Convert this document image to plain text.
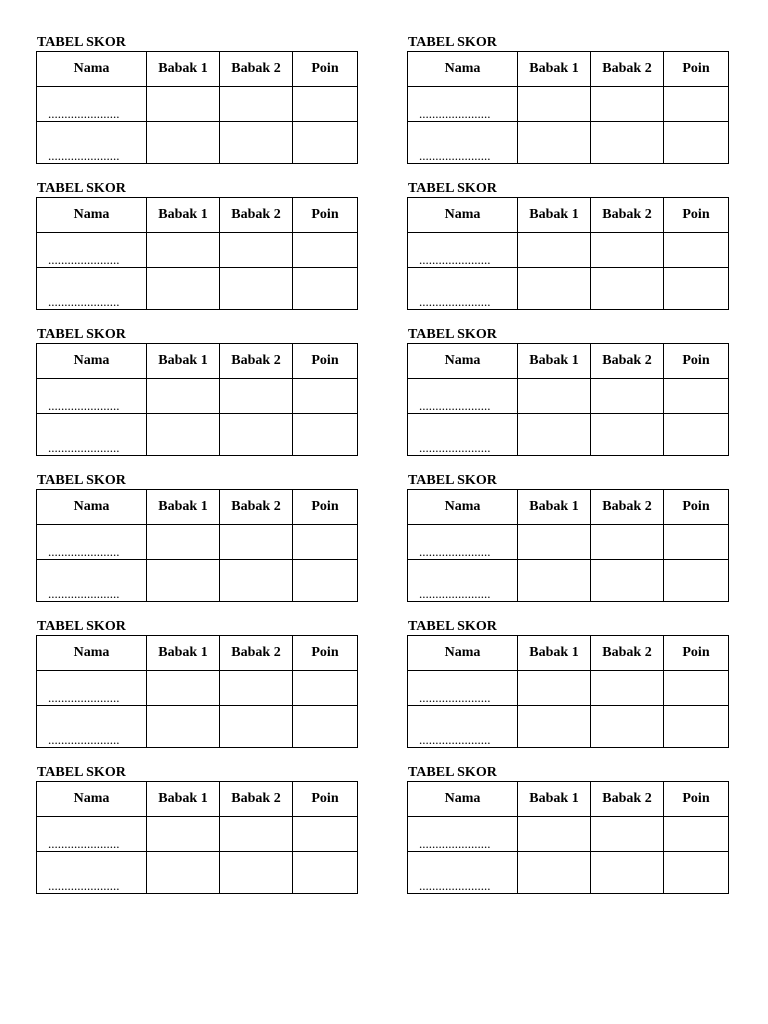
TABEL SKOR
Nama	Babak 1	Babak 2	Poin

......................			

......................			

TABEL SKOR
Nama	Babak 1	Babak 2	Poin

......................			

......................			

TABEL SKOR
Nama	Babak 1	Babak 2	Poin

......................			

......................			

TABEL SKOR
Nama	Babak 1	Babak 2	Poin

......................			

......................			

TABEL SKOR
Nama	Babak 1	Babak 2	Poin

......................			

......................			

TABEL SKOR
Nama	Babak 1	Babak 2	Poin

......................			

......................			

TABEL SKOR
Nama	Babak 1	Babak 2	Poin

......................			

......................			

TABEL SKOR
Nama	Babak 1	Babak 2	Poin

......................			

......................			

TABEL SKOR
Nama	Babak 1	Babak 2	Poin

......................			

......................			

TABEL SKOR
Nama	Babak 1	Babak 2	Poin

......................			

......................			

TABEL SKOR
Nama	Babak 1	Babak 2	Poin

......................			

......................			

TABEL SKOR
Nama	Babak 1	Babak 2	Poin

......................			

......................			
